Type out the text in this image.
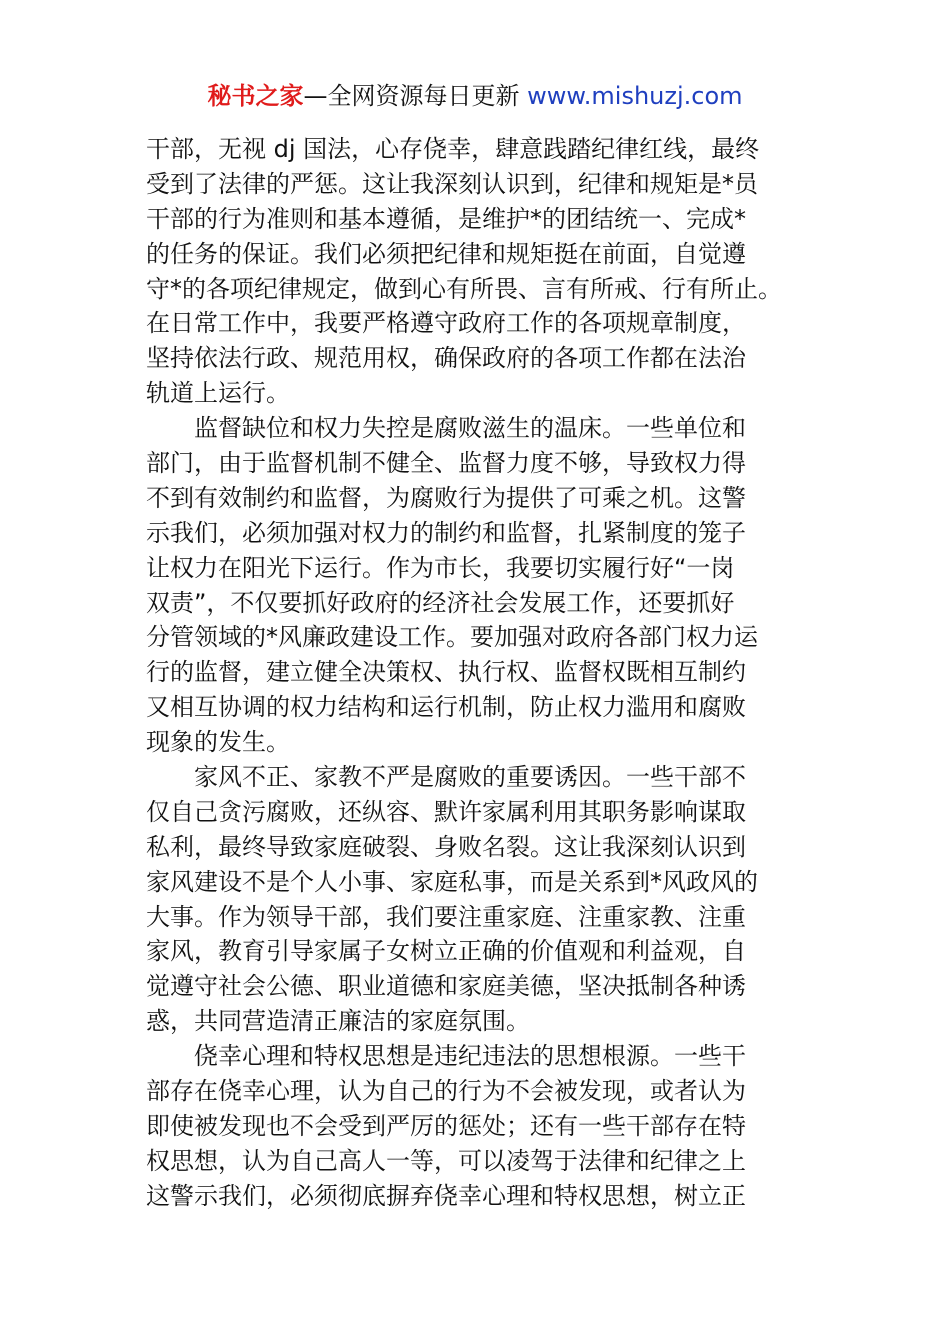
秘书之家—全网资源每日更新 www.mishuzj.com
干部，无视 dj 国法，心存侥幸，肆意践踏纪律红线，最终
受到了法律的严惩。这让我深刻认识到，纪律和规矩是*员
干部的行为准则和基本遵循，是维护*的团结统一、完成*
的任务的保证。我们必须把纪律和规矩挺在前面，自觉遵
守*的各项纪律规定，做到心有所畏、言有所戒、行有所止。
在日常工作中，我要严格遵守政府工作的各项规章制度，
坚持依法行政、规范用权，确保政府的各项工作都在法治
轨道上运行。
监督缺位和权力失控是腐败滋生的温床。一些单位和
部门，由于监督机制不健全、监督力度不够，导致权力得
不到有效制约和监督，为腐败行为提供了可乘之机。这警
示我们，必须加强对权力的制约和监督，扎紧制度的笼子
让权力在阳光下运行。作为市长，我要切实履行好“一岗
双责”，不仅要抓好政府的经济社会发展工作，还要抓好
分管领域的*风廉政建设工作。要加强对政府各部门权力运
行的监督，建立健全决策权、执行权、监督权既相互制约
又相互协调的权力结构和运行机制，防止权力滥用和腐败
现象的发生。
家风不正、家教不严是腐败的重要诱因。一些干部不
仅自己贪污腐败，还纵容、默许家属利用其职务影响谋取
私利，最终导致家庭破裂、身败名裂。这让我深刻认识到
家风建设不是个人小事、家庭私事，而是关系到*风政风的
大事。作为领导干部，我们要注重家庭、注重家教、注重
家风，教育引导家属子女树立正确的价值观和利益观，自
觉遵守社会公德、职业道德和家庭美德，坚决抵制各种诱
惑，共同营造清正廉洁的家庭氛围。
侥幸心理和特权思想是违纪违法的思想根源。一些干
部存在侥幸心理，认为自己的行为不会被发现，或者认为
即使被发现也不会受到严厉的惩处；还有一些干部存在特
权思想，认为自己高人一等，可以凌驾于法律和纪律之上
这警示我们，必须彻底摒弃侥幸心理和特权思想，树立正
